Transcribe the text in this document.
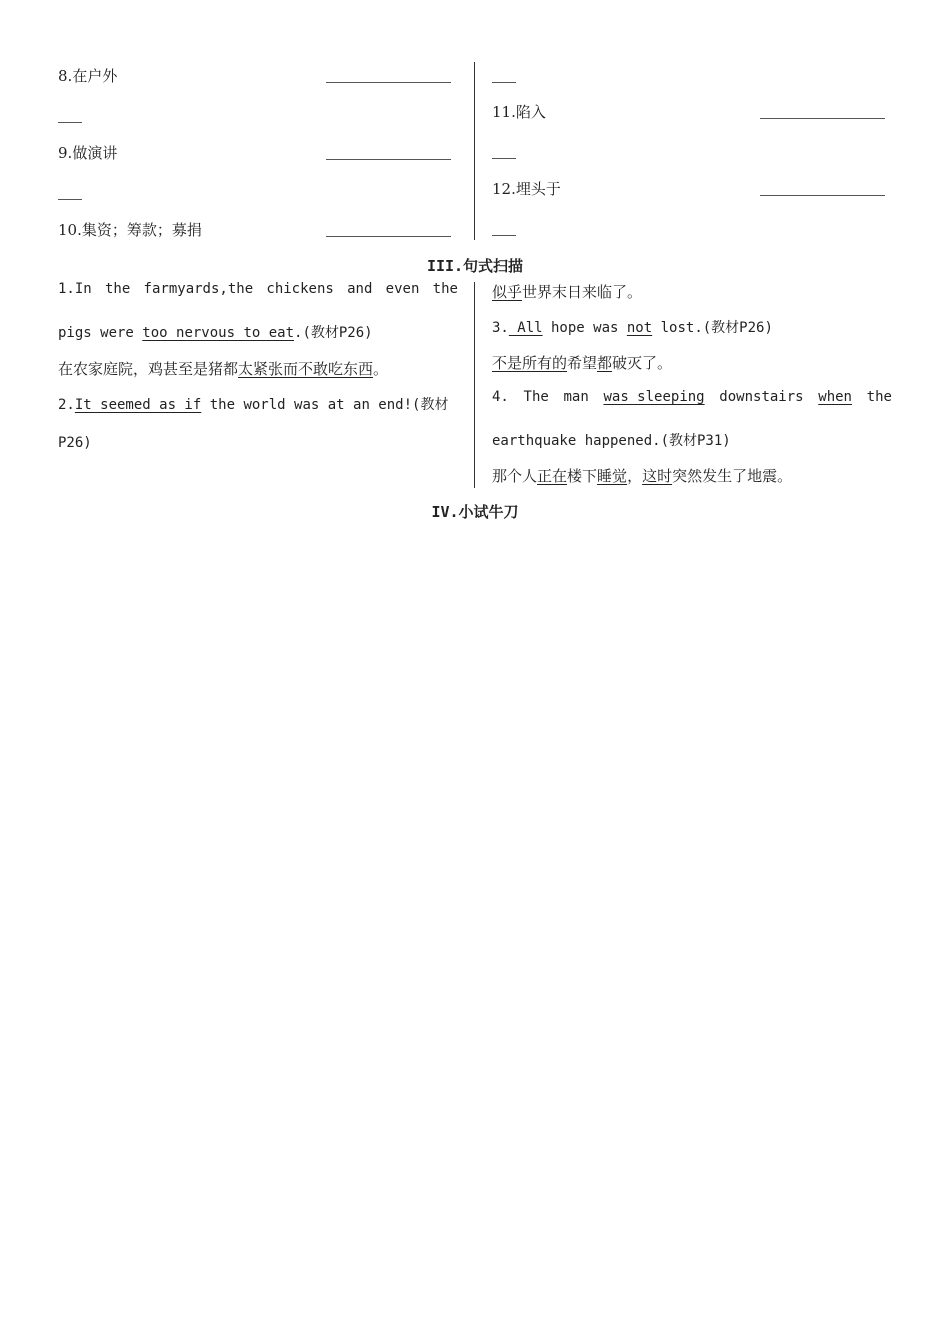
8.在户外
9.做演讲
10.集资；筹款；募捐
11.陷入
12.埋头于
III.句式扫描
1.In the farmyards,the chickens and even the
pigs were too nervous to eat.(教材P26)
在农家庭院，鸡甚至是猪都太紧张而不敢吃东西。
2.It seemed as if the world was at an end!(教材
P26)
似乎世界末日来临了。
3. All hope was not lost.(教材P26)
不是所有的希望都破灭了。
4. The man was sleeping downstairs when the
earthquake happened.(教材P31)
那个人正在楼下睡觉，这时突然发生了地震。
IV.小试牛刀
